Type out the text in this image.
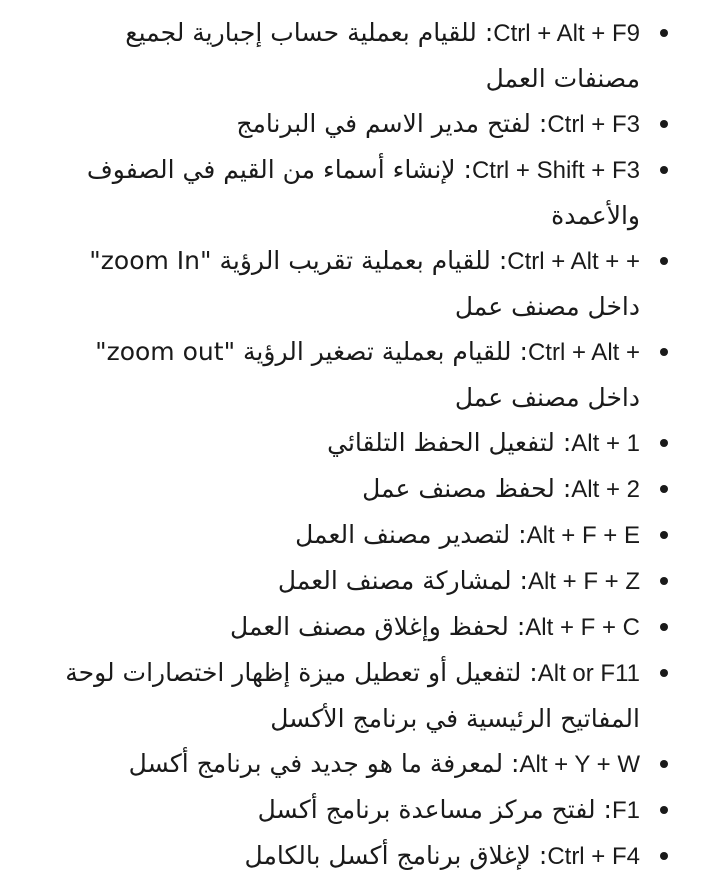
Ctrl + Alt + F9: للقيام بعملية حساب إجبارية لجميع مصنفات العمل
Ctrl + F3: لفتح مدير الاسم في البرنامج
Ctrl + Shift + F3: لإنشاء أسماء من القيم في الصفوف والأعمدة
Ctrl + Alt + +: للقيام بعملية تقريب الرؤية "zoom In" داخل مصنف عمل
Ctrl + Alt +: للقيام بعملية تصغير الرؤية "zoom out" داخل مصنف عمل
Alt + 1: لتفعيل الحفظ التلقائي
Alt + 2: لحفظ مصنف عمل
Alt + F + E: لتصدير مصنف العمل
Alt + F + Z: لمشاركة مصنف العمل
Alt + F + C: لحفظ وإغلاق مصنف العمل
Alt or F11: لتفعيل أو تعطيل ميزة إظهار اختصارات لوحة المفاتيح الرئيسية في برنامج الأكسل
Alt + Y + W: لمعرفة ما هو جديد في برنامج أكسل
F1: لفتح مركز مساعدة برنامج أكسل
Ctrl + F4: لإغلاق برنامج أكسل بالكامل
